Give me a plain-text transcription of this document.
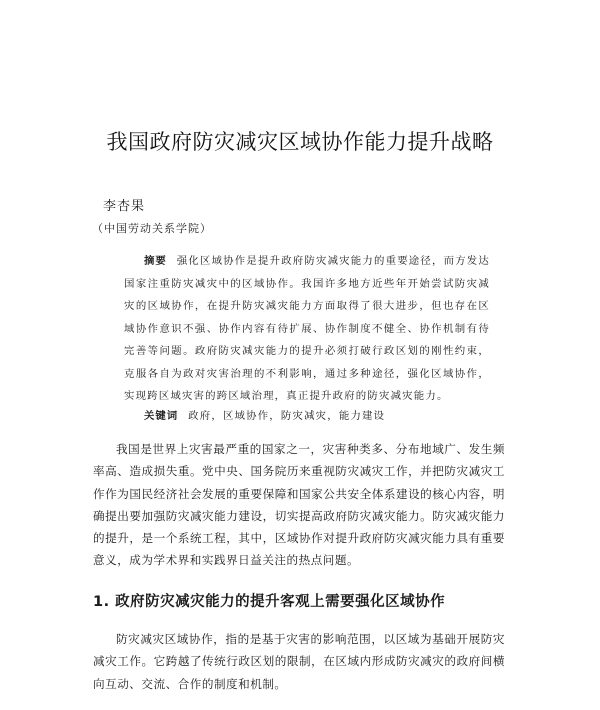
我国政府防灾减灾区域协作能力提升战略
李杏果
（中国劳动关系学院）

摘要 强化区域协作是提升政府防灾减灾能力的重要途径，而方发达国家注重防灾减灾中的区域协作。我国许多地方近些年开始尝试防灾减灾的区域协作，在提升防灾减灾能力方面取得了很大进步，但也存在区域协作意识不强、协作内容有待扩展、协作制度不健全、协作机制有待完善等问题。政府防灾减灾能力的提升必须打破行政区划的刚性约束，克服各自为政对灾害治理的不利影响，通过多种途径，强化区域协作，实现跨区域灾害的跨区域治理，真正提升政府的防灾减灾能力。

关键词 政府，区域协作，防灾减灾，能力建设

我国是世界上灾害最严重的国家之一，灾害种类多、分布地域广、发生频率高、造成损失重。党中央、国务院历来重视防灾减灾工作，并把防灾减灾工作作为国民经济社会发展的重要保障和国家公共安全体系建设的核心内容，明确提出要加强防灾减灾能力建设，切实提高政府防灾减灾能力。防灾减灾能力的提升，是一个系统工程，其中，区域协作对提升政府防灾减灾能力具有重要意义，成为学术界和实践界日益关注的热点问题。

1. 政府防灾减灾能力的提升客观上需要强化区域协作

防灾减灾区域协作，指的是基于灾害的影响范围，以区域为基础开展防灾减灾工作。它跨越了传统行政区划的限制，在区域内形成防灾减灾的政府间横向互动、交流、合作的制度和机制。
